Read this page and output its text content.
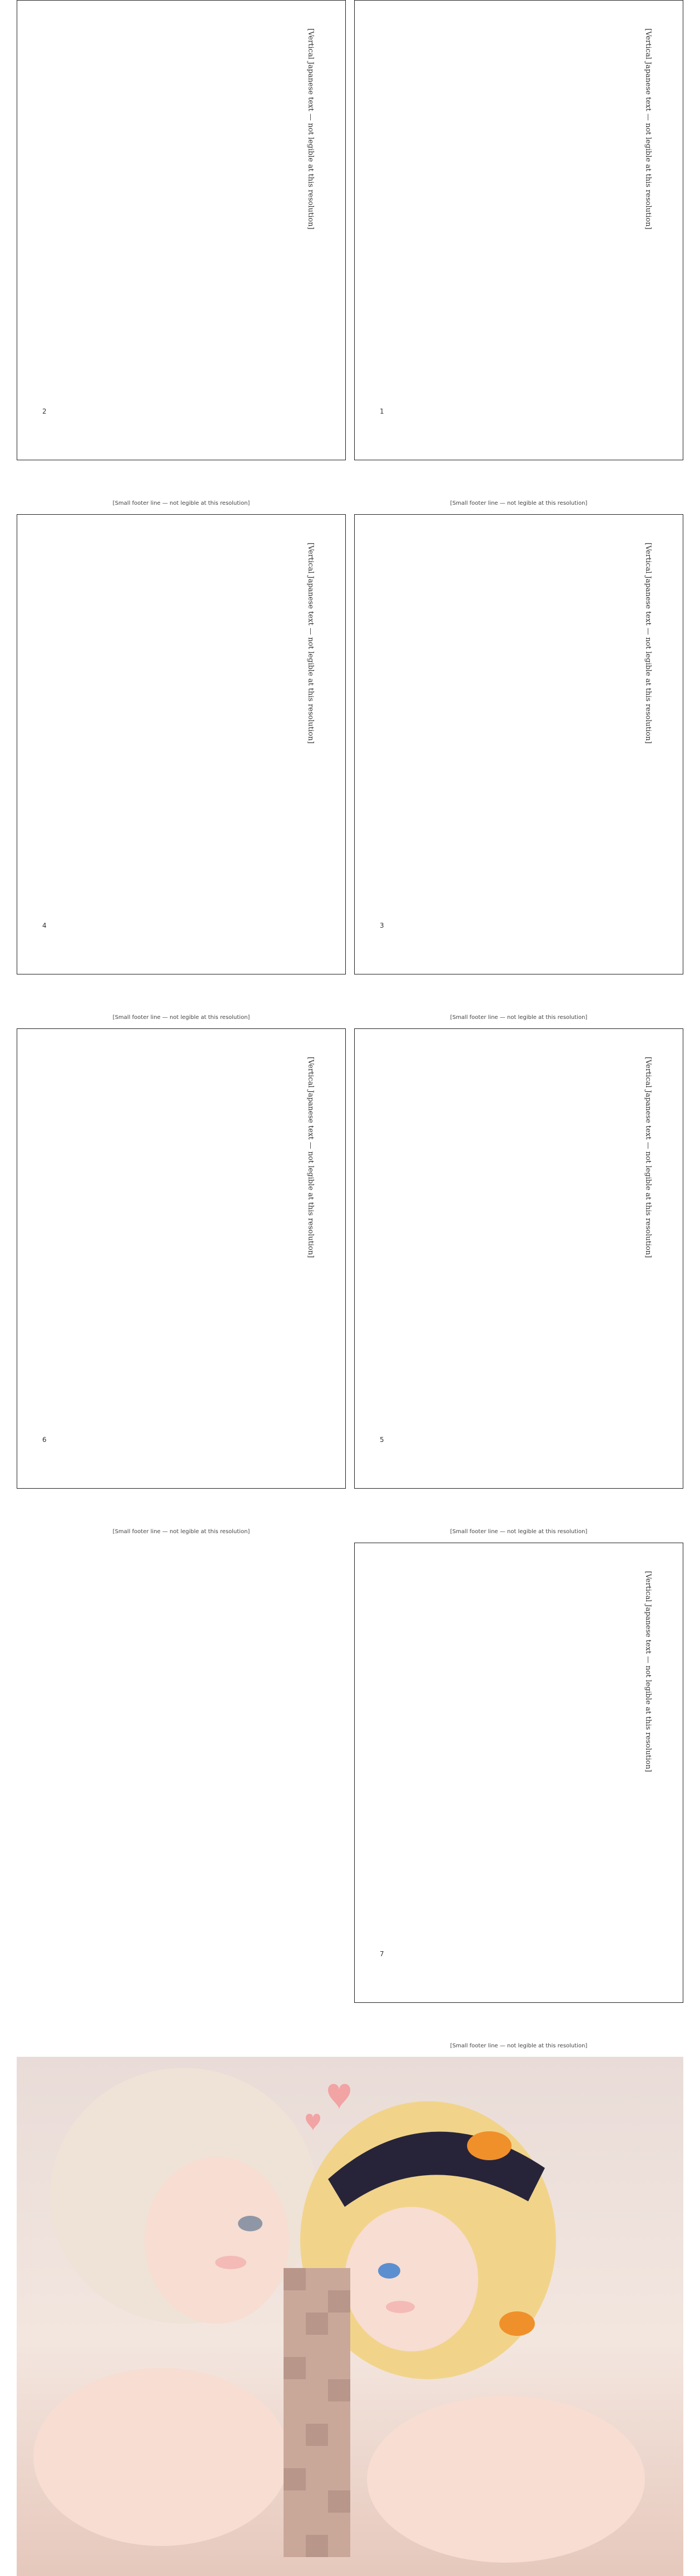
[Vertical Japanese text — not legible at this resolution]
2
[Vertical Japanese text — not legible at this resolution]
1
[Small footer line — not legible at this resolution]	[Small footer line — not legible at this resolution]
[Vertical Japanese text — not legible at this resolution]
4
[Vertical Japanese text — not legible at this resolution]
3
[Small footer line — not legible at this resolution]	[Small footer line — not legible at this resolution]
[Vertical Japanese text — not legible at this resolution]
6
[Vertical Japanese text — not legible at this resolution]
5
[Small footer line — not legible at this resolution]	[Small footer line — not legible at this resolution]
[Vertical Japanese text — not legible at this resolution]
7
[Small footer line — not legible at this resolution]
